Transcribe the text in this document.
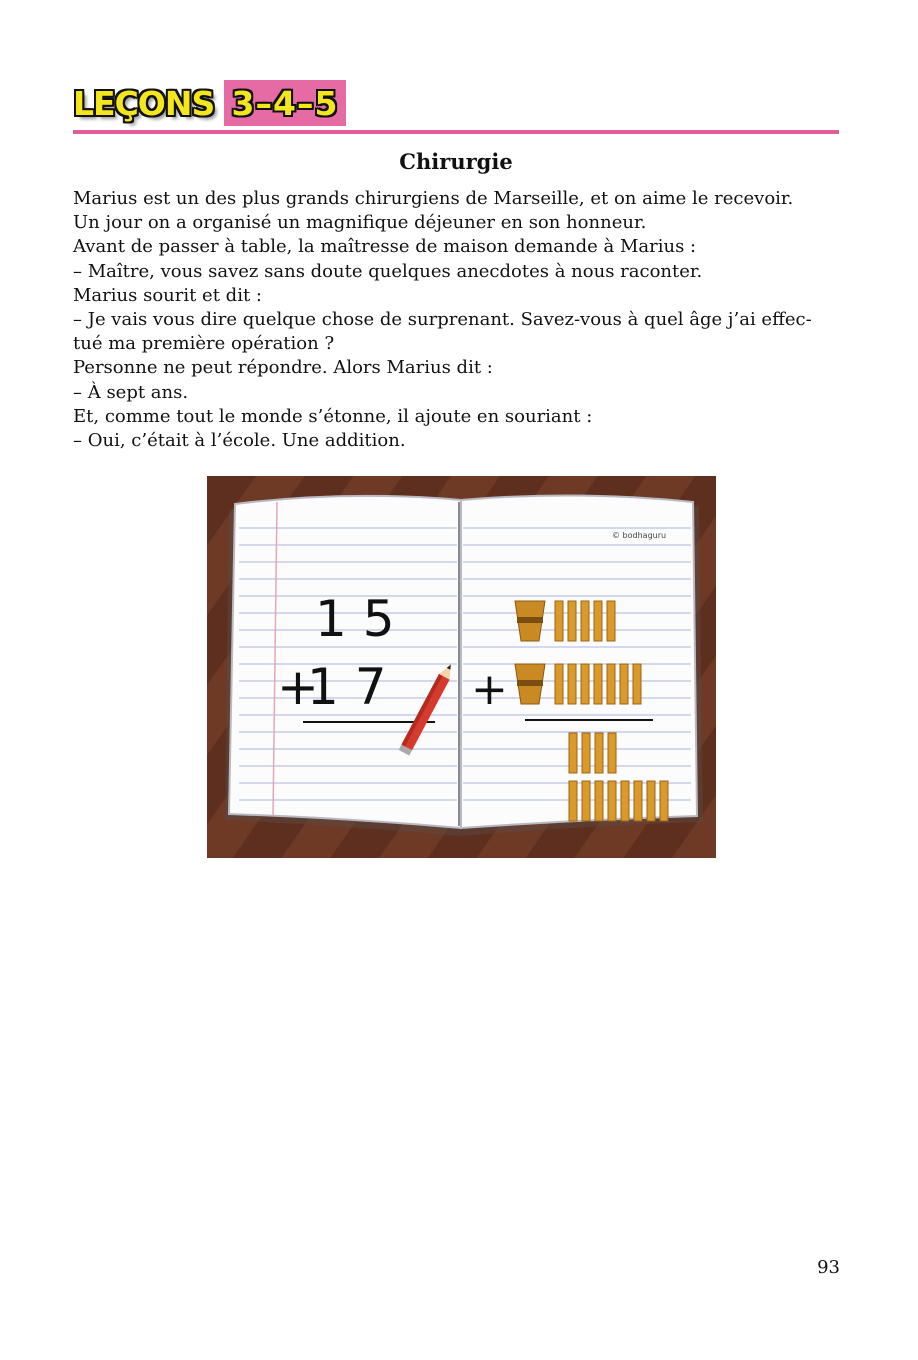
LEÇONS 3–4–5
Chirurgie

Marius est un des plus grands chirurgiens de Marseille, et on aime le recevoir.

Un jour on a organisé un magnifique déjeuner en son honneur.

Avant de passer à table, la maîtresse de maison demande à Marius :

– Maître, vous savez sans doute quelques anecdotes à nous raconter.

Marius sourit et dit :

– Je vais vous dire quelque chose de surprenant. Savez-vous à quel âge j’ai effec-

tué ma première opération ?

Personne ne peut répondre. Alors Marius dit :

– À sept ans.

Et, comme tout le monde s’étonne, il ajoute en souriant :

– Oui, c’était à l’école. Une addition.

1 5
+
1 7 +
© bodhaguru
93
